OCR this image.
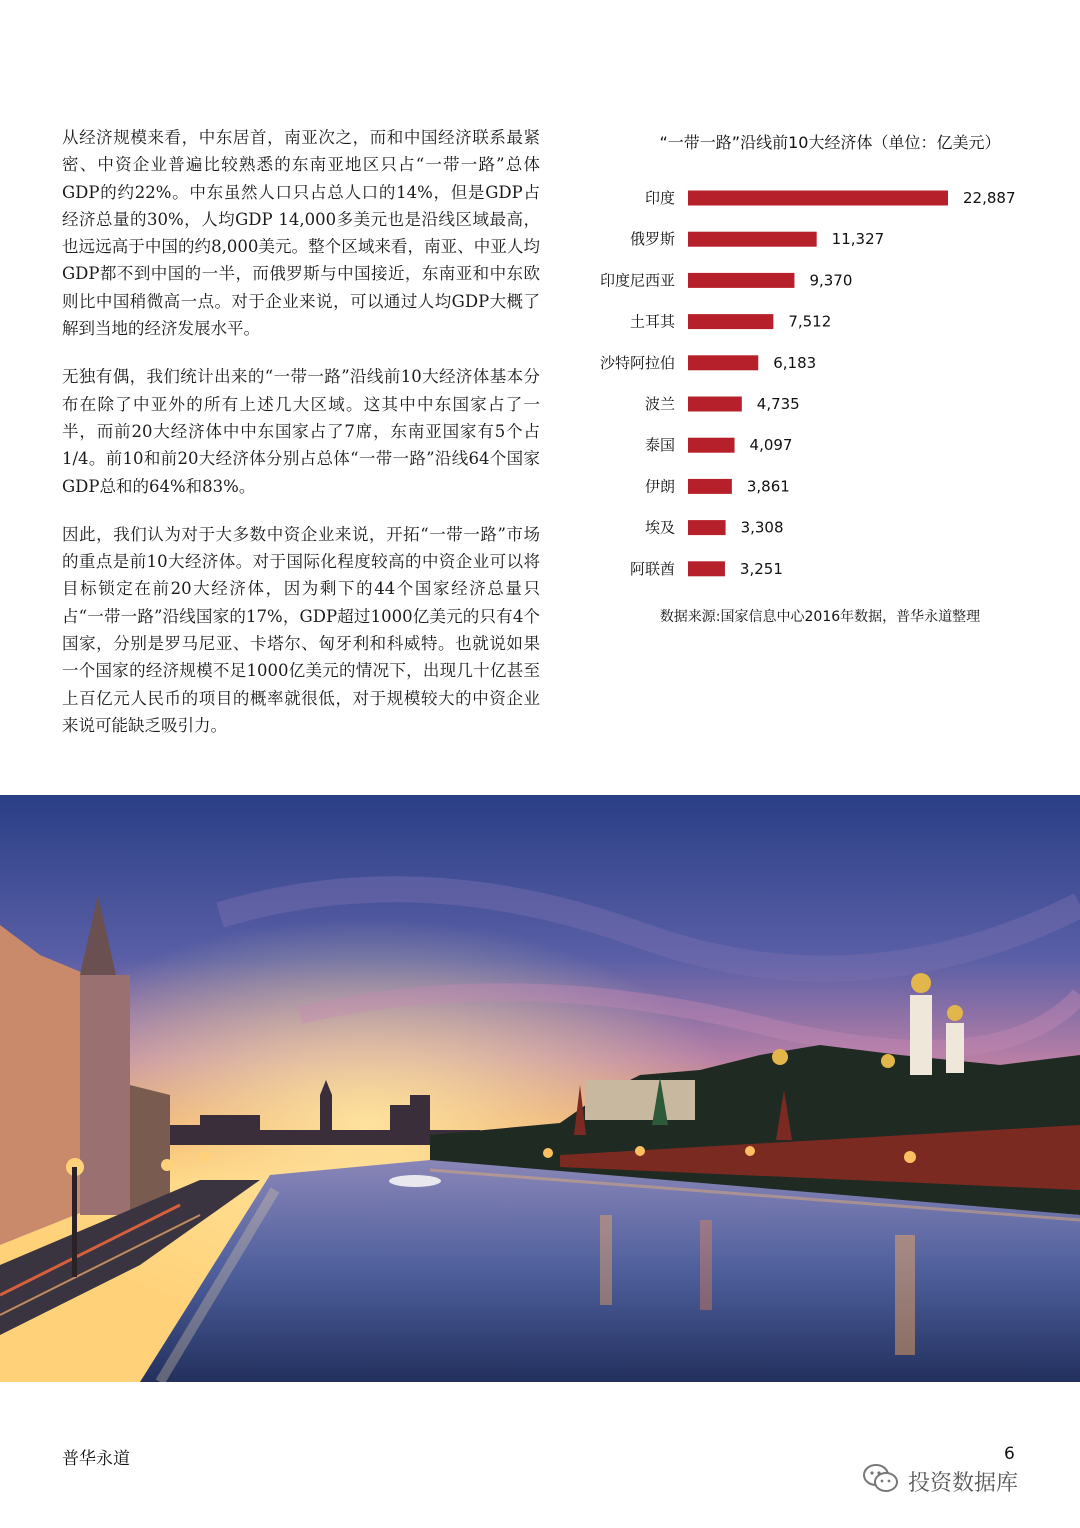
从经济规模来看，中东居首，南亚次之，而和中国经济联系最紧密、中资企业普遍比较熟悉的东南亚地区只占“一带一路”总体GDP的约22%。中东虽然人口只占总人口的14%，但是GDP占经济总量的30%，人均GDP 14,000多美元也是沿线区域最高，也远远高于中国的约8,000美元。整个区域来看，南亚、中亚人均GDP都不到中国的一半，而俄罗斯与中国接近，东南亚和中东欧则比中国稍微高一点。对于企业来说，可以通过人均GDP大概了解到当地的经济发展水平。

无独有偶，我们统计出来的“一带一路”沿线前10大经济体基本分布在除了中亚外的所有上述几大区域。这其中中东国家占了一半，而前20大经济体中中东国家占了7席，东南亚国家有5个占1/4。前10和前20大经济体分别占总体“一带一路”沿线64个国家GDP总和的64%和83%。

因此，我们认为对于大多数中资企业来说，开拓“一带一路”市场的重点是前10大经济体。对于国际化程度较高的中资企业可以将目标锁定在前20大经济体，因为剩下的44个国家经济总量只占“一带一路”沿线国家的17%，GDP超过1000亿美元的只有4个国家，分别是罗马尼亚、卡塔尔、匈牙利和科威特。也就说如果一个国家的经济规模不足1000亿美元的情况下，出现几十亿甚至上百亿元人民币的项目的概率就很低，对于规模较大的中资企业来说可能缺乏吸引力。

“一带一路”沿线前10大经济体（单位：亿美元）
印度	22,887
俄罗斯	11,327
印度尼西亚	9,370
土耳其	7,512
沙特阿拉伯	6,183
波兰	4,735
泰国	4,097
伊朗	3,861
埃及	3,308
阿联酋	3,251
数据来源:国家信息中心2016年数据，普华永道整理
普华永道	6
投资数据库
